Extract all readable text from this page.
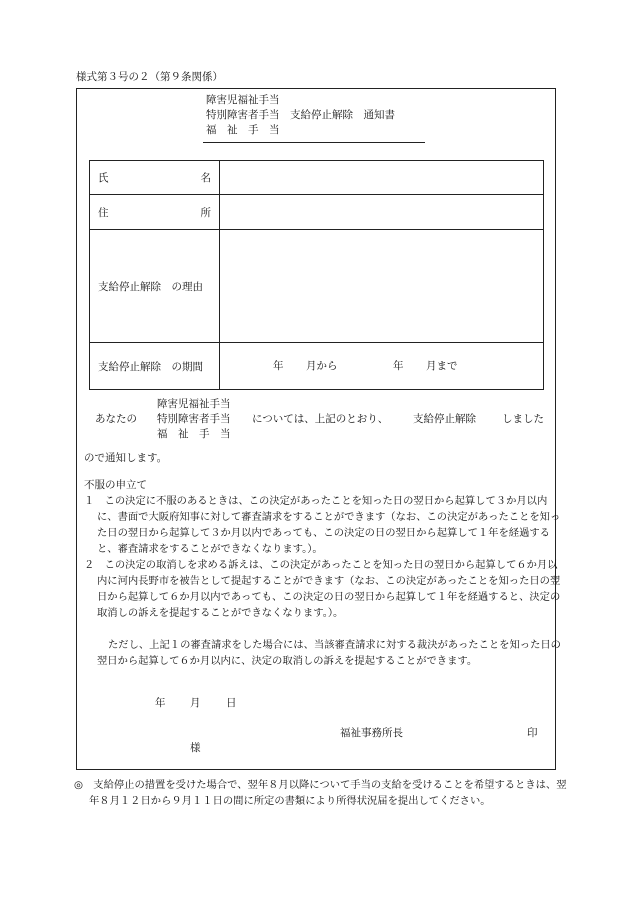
様式第３号の２（第９条関係）
障害児福祉手当
特別障害者手当　支給停止解除　通知書
福　祉　手　当
氏 名	

住 所	

支給停止解除　の理由	
支給停止解除　の期間	年 月から 年 月まで
あなたの
障害児福祉手当
特別障害者手当
福　祉　手　当
については、上記のとおり、 支給停止解除 しました
ので通知します。
不服の申立て
１　この決定に不服のあるときは、この決定があったことを知った日の翌日から起算して３か月以内に、書面で大阪府知事に対して審査請求をすることができます（なお、この決定があったことを知った日の翌日から起算して３か月以内であっても、この決定の日の翌日から起算して１年を経過すると、審査請求をすることができなくなります。）。
２　この決定の取消しを求める訴えは、この決定があったことを知った日の翌日から起算して６か月以内に河内長野市を被告として提起することができます（なお、この決定があったことを知った日の翌日から起算して６か月以内であっても、この決定の日の翌日から起算して１年を経過すると、決定の取消しの訴えを提起することができなくなります。）。
ただし、上記１の審査請求をした場合には、当該審査請求に対する裁決があったことを知った日の翌日から起算して６か月以内に、決定の取消しの訴えを提起することができます。
年 月 日
福祉事務所長	印
様
◎　支給停止の措置を受けた場合で、翌年８月以降について手当の支給を受けることを希望するときは、翌年８月１２日から９月１１日の間に所定の書類により所得状況届を提出してください。
